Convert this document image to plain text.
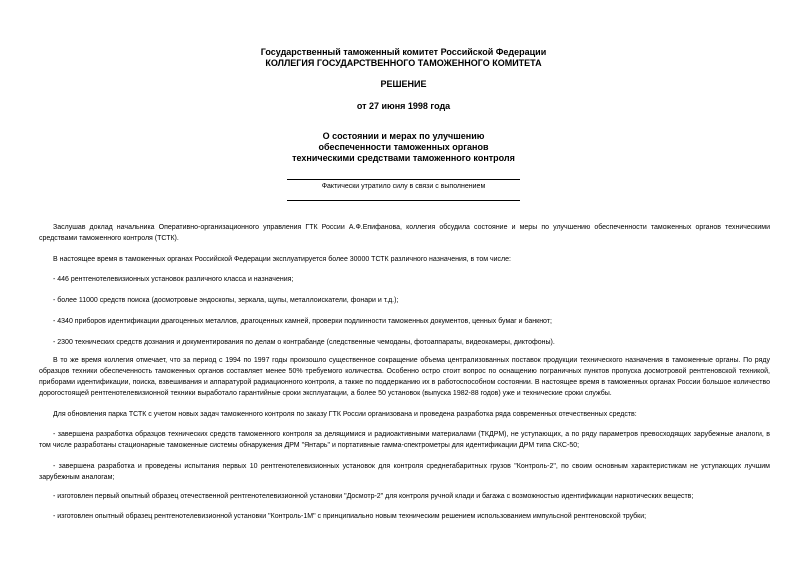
Государственный таможенный комитет Российской Федерации
КОЛЛЕГИЯ ГОСУДАРСТВЕННОГО ТАМОЖЕННОГО КОМИТЕТА
РЕШЕНИЕ
от 27 июня 1998 года
О состоянии и мерах по улучшению
обеспеченности таможенных органов
техническими средствами таможенного контроля
Фактически утратило силу в связи с выполнением

Заслушав доклад начальника Оперативно-организационного управления ГТК России А.Ф.Епифанова, коллегия обсудила состояние и меры по улучшению обеспеченности таможенных органов техническими средствами таможенного контроля (ТСТК).

В настоящее время в таможенных органах Российской Федерации эксплуатируется более 30000 ТСТК различного назначения, в том числе:

- 446 рентгенотелевизионных установок различного класса и назначения;

- более 11000 средств поиска (досмотровые эндоскопы, зеркала, щупы, металлоискатели, фонари и т.д.);

- 4340 приборов идентификации драгоценных металлов, драгоценных камней, проверки подлинности таможенных документов, ценных бумаг и банкнот;

- 2300 технических средств дознания и документирования по делам о контрабанде (следственные чемоданы, фотоаппараты, видеокамеры, диктофоны).

В то же время коллегия отмечает, что за период с 1994 по 1997 годы произошло существенное сокращение объема централизованных поставок продукции технического назначения в таможенные органы. По ряду образцов техники обеспеченность таможенных органов составляет менее 50% требуемого количества. Особенно остро стоит вопрос по оснащению пограничных пунктов пропуска досмотровой рентгеновской техникой, приборами идентификации, поиска, взвешивания и аппаратурой радиационного контроля, а также по поддержанию их в работоспособном состоянии. В настоящее время в таможенных органах России большое количество дорогостоящей рентгенотелевизионной техники выработало гарантийные сроки эксплуатации, а более 50 установок (выпуска 1982-88 годов) уже и технические сроки службы.

Для обновления парка ТСТК с учетом новых задач таможенного контроля по заказу ГТК России организована и проведена разработка ряда современных отечественных средств:

- завершена разработка образцов технических средств таможенного контроля за делящимися и радиоактивными материалами (ТКДРМ), не уступающих, а по ряду параметров превосходящих зарубежные аналоги, в том числе разработаны стационарные таможенные системы обнаружения ДРМ "Янтарь" и портативные гамма-спектрометры для идентификации ДРМ типа СКС-50;

- завершена разработка и проведены испытания первых 10 рентгенотелевизионных установок для контроля среднегабаритных грузов "Контроль-2", по своим основным характеристикам не уступающих лучшим зарубежным аналогам;

- изготовлен первый опытный образец отечественной рентгенотелевизионной установки "Досмотр-2" для контроля ручной клади и багажа с возможностью идентификации наркотических веществ;

- изготовлен опытный образец рентгенотелевизионной установки "Контроль-1М" с принципиально новым техническим решением использованием импульсной рентгеновской трубки;
